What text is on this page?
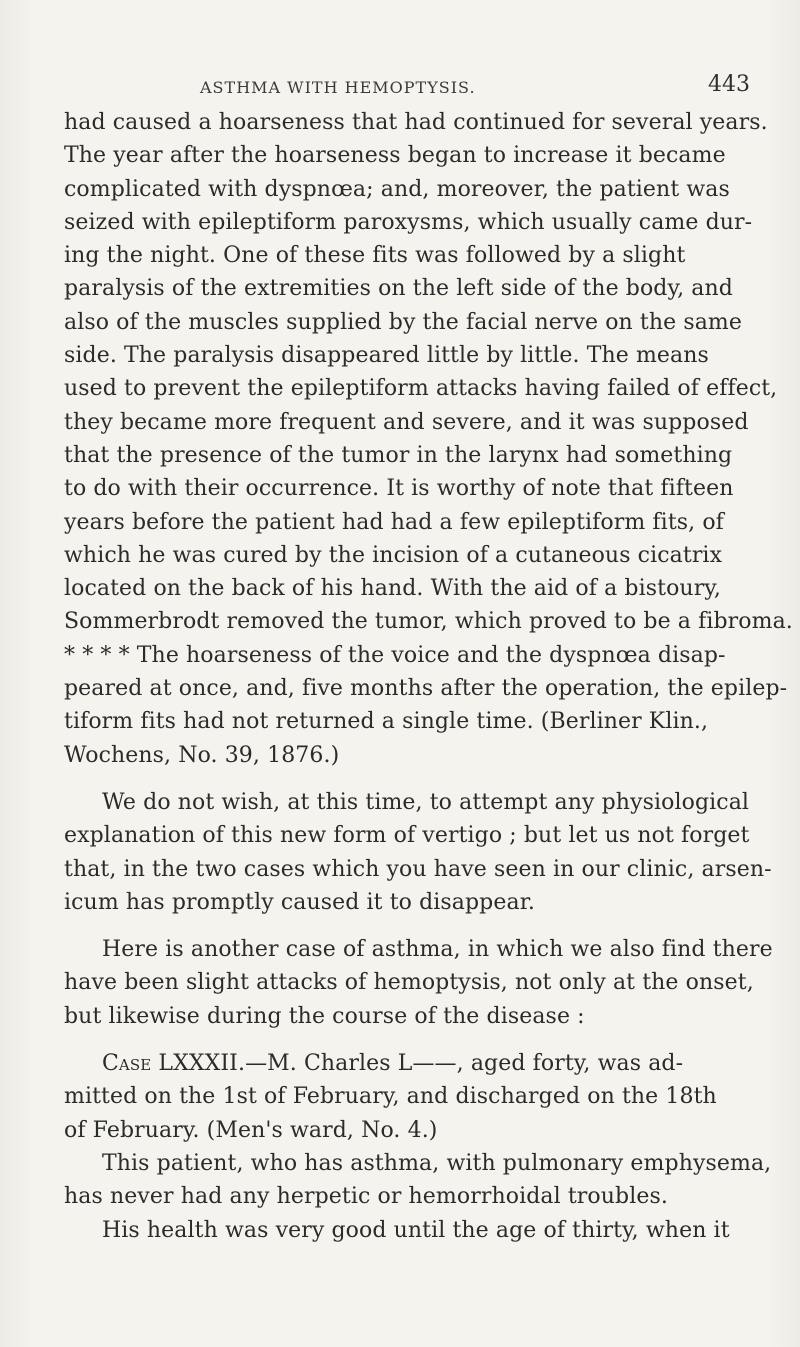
ASTHMA WITH HEMOPTYSIS.	443
had caused a hoarseness that had continued for several years.
The year after the hoarseness began to increase it became
complicated with dyspnœa; and, moreover, the patient was
seized with epileptiform paroxysms, which usually came dur-
ing the night. One of these fits was followed by a slight
paralysis of the extremities on the left side of the body, and
also of the muscles supplied by the facial nerve on the same
side. The paralysis disappeared little by little. The means
used to prevent the epileptiform attacks having failed of effect,
they became more frequent and severe, and it was supposed
that the presence of the tumor in the larynx had something
to do with their occurrence. It is worthy of note that fifteen
years before the patient had had a few epileptiform fits, of
which he was cured by the incision of a cutaneous cicatrix
located on the back of his hand. With the aid of a bistoury,
Sommerbrodt removed the tumor, which proved to be a fibroma.
* * * * The hoarseness of the voice and the dyspnœa disap-
peared at once, and, five months after the operation, the epilep-
tiform fits had not returned a single time. (Berliner Klin.,
Wochens, No. 39, 1876.)
We do not wish, at this time, to attempt any physiological
explanation of this new form of vertigo ; but let us not forget
that, in the two cases which you have seen in our clinic, arsen-
icum has promptly caused it to disappear.
Here is another case of asthma, in which we also find there
have been slight attacks of hemoptysis, not only at the onset,
but likewise during the course of the disease :
Case LXXXII.—M. Charles L——, aged forty, was ad-
mitted on the 1st of February, and discharged on the 18th
of February. (Men's ward, No. 4.)
This patient, who has asthma, with pulmonary emphysema,
has never had any herpetic or hemorrhoidal troubles.
His health was very good until the age of thirty, when it
